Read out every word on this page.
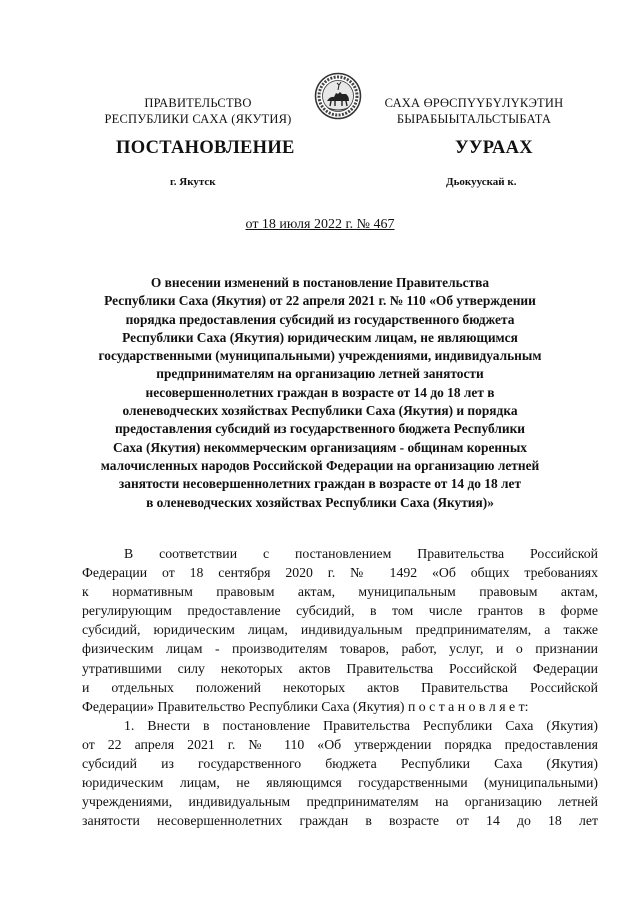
ПРАВИТЕЛЬСТВО
РЕСПУБЛИКИ САХА (ЯКУТИЯ)
САХА ӨРӨСПҮҮБҮЛҮКЭТИН
БЫРАБЫЫТАЛЬСТЫБАТА
ПОСТАНОВЛЕНИЕ	УУРААХ
г. Якутск	Дьокуускай к.
от 18 июля 2022 г. № 467
О внесении изменений в постановление Правительства
Республики Саха (Якутия) от 22 апреля 2021 г. № 110 «Об утверждении
порядка предоставления субсидий из государственного бюджета
Республики Саха (Якутия) юридическим лицам, не являющимся
государственными (муниципальными) учреждениями, индивидуальным
предпринимателям на организацию летней занятости
несовершеннолетних граждан в возрасте от 14 до 18 лет в
оленеводческих хозяйствах Республики Саха (Якутия) и порядка
предоставления субсидий из государственного бюджета Республики
Саха (Якутия) некоммерческим организациям - общинам коренных
малочисленных народов Российской Федерации на организацию летней
занятости несовершеннолетних граждан в возрасте от 14 до 18 лет
в оленеводческих хозяйствах Республики Саха (Якутия)»
В соответствии с постановлением Правительства Российской
Федерации от 18 сентября 2020 г. № 1492 «Об общих требованиях
к нормативным правовым актам, муниципальным правовым актам,
регулирующим предоставление субсидий, в том числе грантов в форме
субсидий, юридическим лицам, индивидуальным предпринимателям, а также
физическим лицам - производителям товаров, работ, услуг, и о признании
утратившими силу некоторых актов Правительства Российской Федерации
и отдельных положений некоторых актов Правительства Российской
Федерации» Правительство Республики Саха (Якутия) п о с т а н о в л я е т:
1. Внести в постановление Правительства Республики Саха (Якутия)
от 22 апреля 2021 г. № 110 «Об утверждении порядка предоставления
субсидий из государственного бюджета Республики Саха (Якутия)
юридическим лицам, не являющимся государственными (муниципальными)
учреждениями, индивидуальным предпринимателям на организацию летней
занятости несовершеннолетних граждан в возрасте от 14 до 18 лет
